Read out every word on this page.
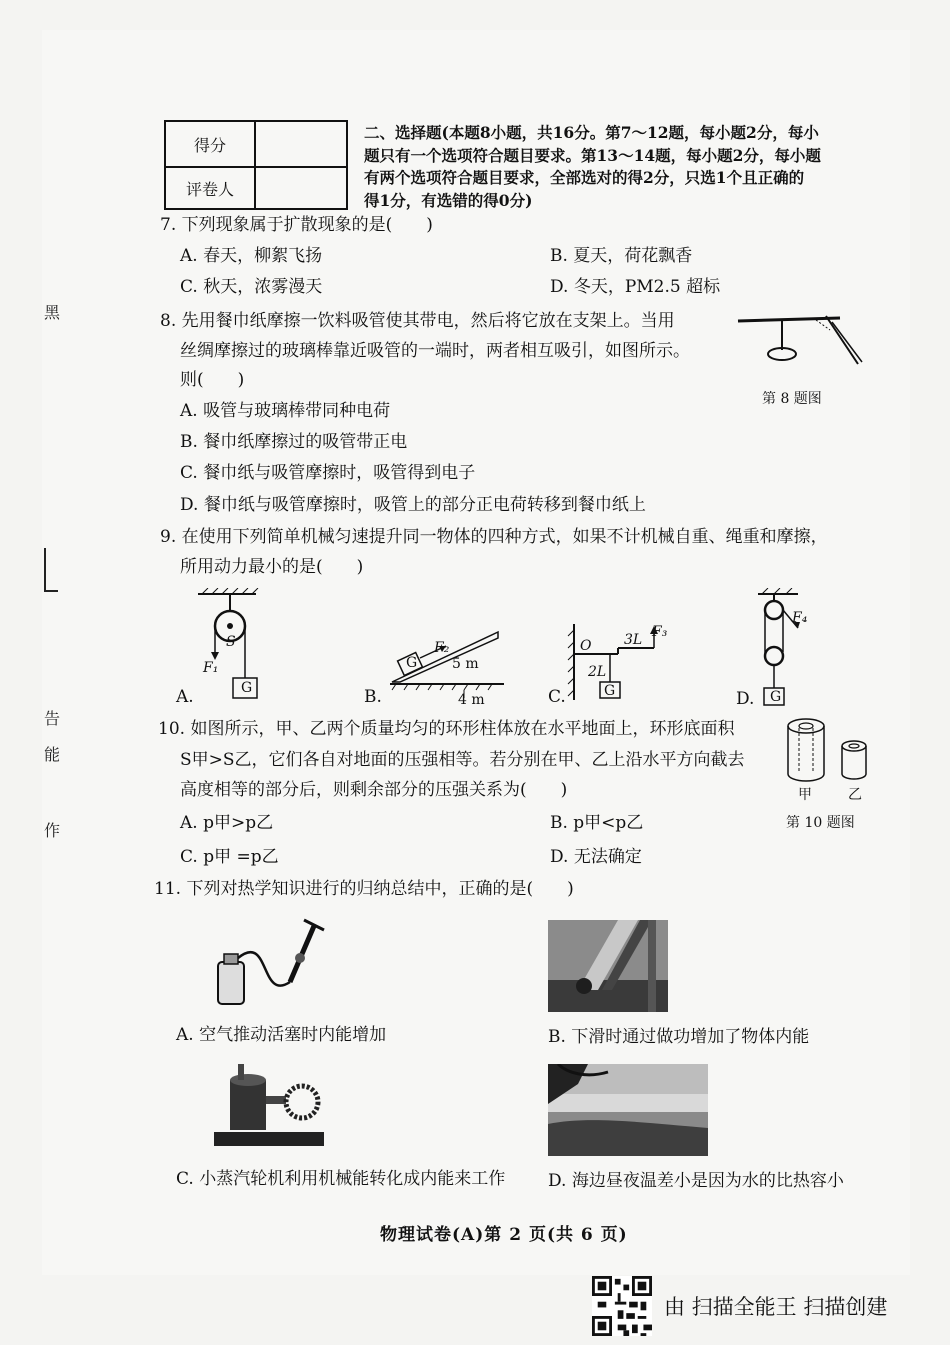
黑
告
能
作
得分
评卷人
二、选择题(本题8小题，共16分。第7～12题，每小题2分，每小
题只有一个选项符合题目要求。第13～14题，每小题2分，每小题
有两个选项符合题目要求，全部选对的得2分，只选1个且正确的
得1分，有选错的得0分)
7. 下列现象属于扩散现象的是(　　)
A. 春天，柳絮飞扬	B. 夏天，荷花飘香
C. 秋天，浓雾漫天	D. 冬天，PM2.5 超标
8. 先用餐巾纸摩擦一饮料吸管使其带电，然后将它放在支架上。当用
丝绸摩擦过的玻璃棒靠近吸管的一端时，两者相互吸引，如图所示。
则(　　)
A. 吸管与玻璃棒带同种电荷
B. 餐巾纸摩擦过的吸管带正电
C. 餐巾纸与吸管摩擦时，吸管得到电子
D. 餐巾纸与吸管摩擦时，吸管上的部分正电荷转移到餐巾纸上
第 8 题图
9. 在使用下列简单机械匀速提升同一物体的四种方式，如果不计机械自重、绳重和摩擦，
所用动力最小的是(　　)
S
F₁
G
A.
G
F₂
5 m
4 m
B.
O 3L F₃
2L
G
C.
F₄
G
D.
10. 如图所示，甲、乙两个质量均匀的环形柱体放在水平地面上，环形底面积
S甲>S乙，它们各自对地面的压强相等。若分别在甲、乙上沿水平方向截去
高度相等的部分后，则剩余部分的压强关系为(　　)
A. p甲>p乙	B. p甲<p乙
C. p甲 =p乙	D. 无法确定
甲	乙
第 10 题图
11. 下列对热学知识进行的归纳总结中，正确的是(　　)
A. 空气推动活塞时内能增加	B. 下滑时通过做功增加了物体内能
C. 小蒸汽轮机利用机械能转化成内能来工作	D. 海边昼夜温差小是因为水的比热容小
物理试卷(A)第 2 页(共 6 页)
由 扫描全能王 扫描创建
